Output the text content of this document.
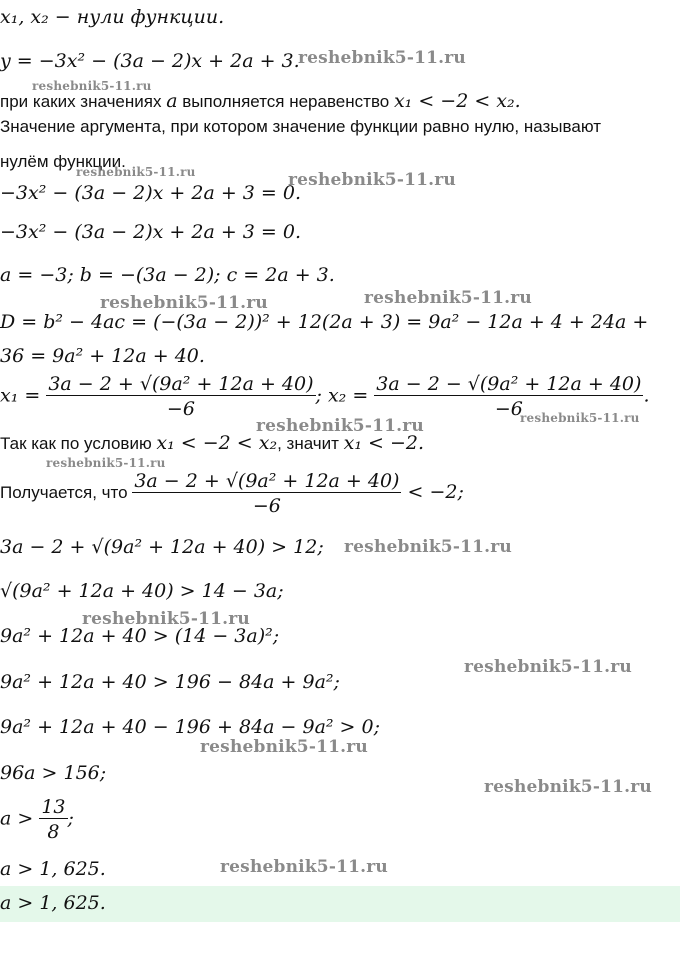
x₁, x₂ − нули функции.
y = −3x² − (3a − 2)x + 2a + 3.
при каких значениях a выполняется неравенство x₁ < −2 < x₂.
Значение аргумента, при котором значение функции равно нулю, называют
нулём функции.
−3x² − (3a − 2)x + 2a + 3 = 0.
−3x² − (3a − 2)x + 2a + 3 = 0.
a = −3; b = −(3a − 2); c = 2a + 3.
D = b² − 4ac = (−(3a − 2))² + 12(2a + 3) = 9a² − 12a + 4 + 24a +
36 = 9a² + 12a + 40.
$x_1 = \frac{\text{3a − 2 + √(9a² + 12a + 40)}}{-6}$ ; $x_2 = \frac{\text{3a − 2 − √(9a² + 12a + 40)}}{-6}$ .
Так как по условию x₁ < −2 < x₂, значит x₁ < −2.
Получается, что $\frac{\text{3a − 2 + √(9a² + 12a + 40)}}{-6} < -2$;
3a − 2 + √(9a² + 12a + 40) > 12;
√(9a² + 12a + 40) > 14 − 3a;
9a² + 12a + 40 > (14 − 3a)²;
9a² + 12a + 40 > 196 − 84a + 9a²;
9a² + 12a + 40 − 196 + 84a − 9a² > 0;
96a > 156;
$a > \frac{13}{8}$ ;
a > 1, 625.
a > 1, 625.
reshebnik5-11.ru
reshebnik5-11.ru
reshebnik5-11.ru	reshebnik5-11.ru
reshebnik5-11.ru	reshebnik5-11.ru
reshebnik5-11.ru	reshebnik5-11.ru
reshebnik5-11.ru
reshebnik5-11.ru
reshebnik5-11.ru
reshebnik5-11.ru
reshebnik5-11.ru
reshebnik5-11.ru
reshebnik5-11.ru
